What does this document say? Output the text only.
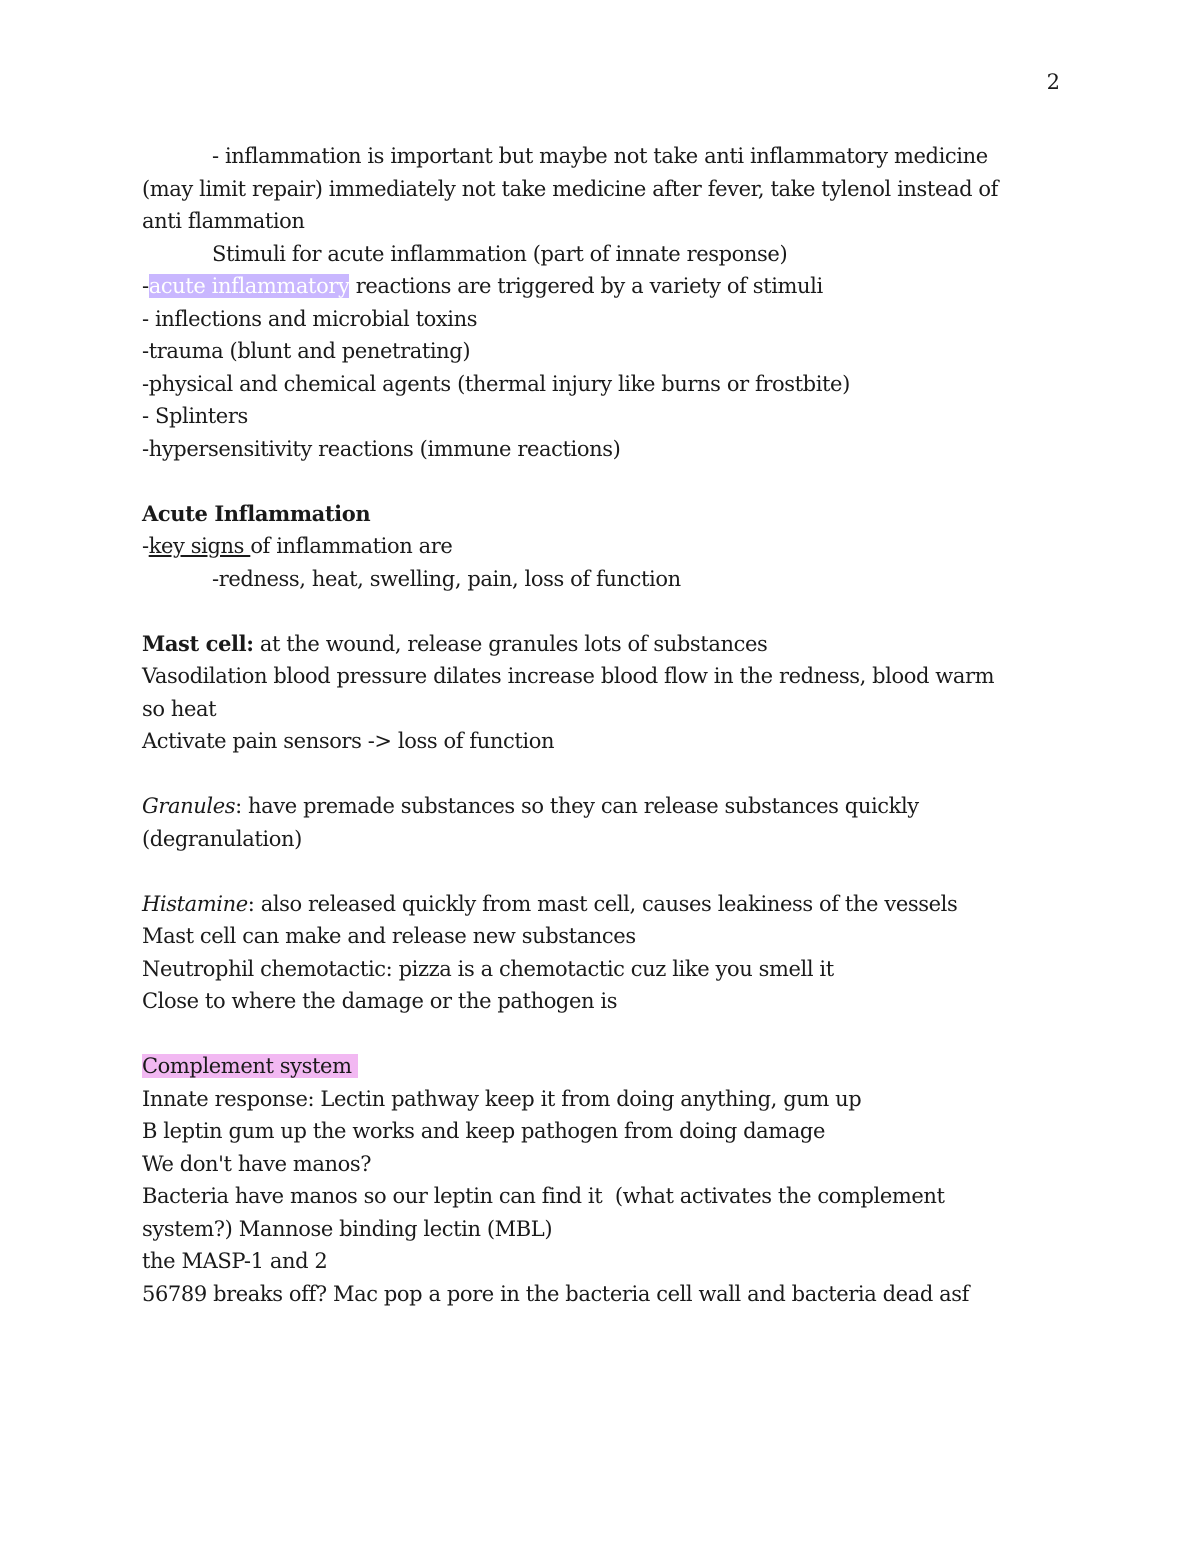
2
- inflammation is important but maybe not take anti inflammatory medicine
(may limit repair) immediately not take medicine after fever, take tylenol instead of
anti flammation
Stimuli for acute inflammation (part of innate response)
-acute inflammatory reactions are triggered by a variety of stimuli
- inflections and microbial toxins
-trauma (blunt and penetrating)
-physical and chemical agents (thermal injury like burns or frostbite)
- Splinters
-hypersensitivity reactions (immune reactions)
Acute Inflammation
-key signs of inflammation are
-redness, heat, swelling, pain, loss of function
Mast cell: at the wound, release granules lots of substances
Vasodilation blood pressure dilates increase blood flow in the redness, blood warm
so heat
Activate pain sensors -> loss of function
Granules: have premade substances so they can release substances quickly
(degranulation)
Histamine: also released quickly from mast cell, causes leakiness of the vessels
Mast cell can make and release new substances
Neutrophil chemotactic: pizza is a chemotactic cuz like you smell it
Close to where the damage or the pathogen is
Complement system
Innate response: Lectin pathway keep it from doing anything, gum up
B leptin gum up the works and keep pathogen from doing damage
We don't have manos?
Bacteria have manos so our leptin can find it  (what activates the complement
system?) Mannose binding lectin (MBL)
the MASP-1 and 2
56789 breaks off? Mac pop a pore in the bacteria cell wall and bacteria dead asf
